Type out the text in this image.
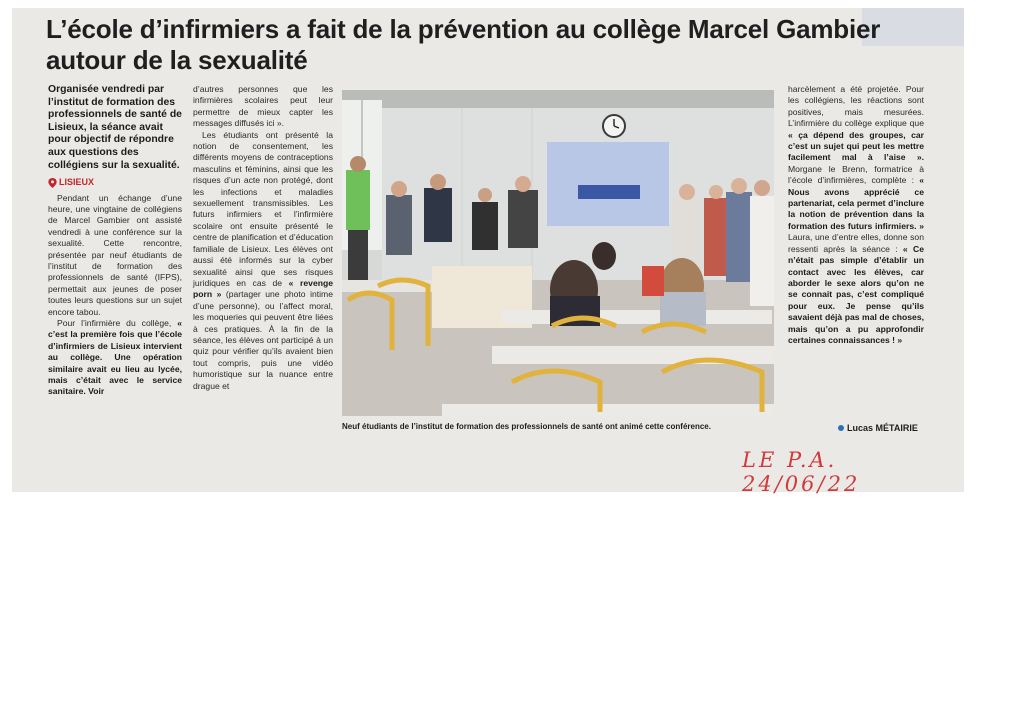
L’école d’infirmiers a fait de la prévention au collège Marcel Gambier autour de la sexualité
Organisée vendredi par l’institut de formation des professionnels de santé de Lisieux, la séance avait pour objectif de répondre aux questions des collégiens sur la sexualité.
LISIEUX

Pendant un échange d’une heure, une vingtaine de collégiens de Marcel Gambier ont assisté vendredi à une conférence sur la sexualité. Cette rencontre, présentée par neuf étudiants de l’institut de formation des professionnels de santé (IFPS), permettait aux jeunes de poser toutes leurs questions sur un sujet encore tabou.

Pour l’infirmière du collège, « c’est la première fois que l’école d’infirmiers de Lisieux intervient au collège. Une opération similaire avait eu lieu au lycée, mais c’était avec le service sanitaire. Voir

d’autres personnes que les infirmières scolaires peut leur permettre de mieux capter les messages diffusés ici ».

Les étudiants ont présenté la notion de consentement, les différents moyens de contraceptions masculins et féminins, ainsi que les risques d’un acte non protégé, dont les infections et maladies sexuellement transmissibles. Les futurs infirmiers et l’infirmière scolaire ont ensuite présenté le centre de planification et d’éducation familiale de Lisieux. Les élèves ont aussi été informés sur la cyber sexualité ainsi que ses risques juridiques en cas de « revenge porn » (partager une photo intime d’une personne), ou l’affect moral, les moqueries qui peuvent être liées à ces pratiques. À la fin de la séance, les élèves ont participé à un quiz pour vérifier qu’ils avaient bien tout compris, puis une vidéo humoristique sur la nuance entre drague et

Neuf étudiants de l’institut de formation des professionnels de santé ont animé cette conférence.

harcèlement a été projetée. Pour les collégiens, les réactions sont positives, mais mesurées. L’infirmière du collège explique que « ça dépend des groupes, car c’est un sujet qui peut les mettre facilement mal à l’aise ». Morgane le Brenn, formatrice à l’école d’infirmières, complète : « Nous avons apprécié ce partenariat, cela permet d’inclure la notion de prévention dans la formation des futurs infirmiers. » Laura, une d’entre elles, donne son ressenti après la séance : « Ce n’était pas simple d’établir un contact avec les élèves, car aborder le sexe alors qu’on ne se connait pas, c’est compliqué pour eux. Je pense qu’ils savaient déjà pas mal de choses, mais qu’on a pu approfondir certaines connaissances ! »

Lucas MÉTAIRIE
LE P.A. 24/06/22
